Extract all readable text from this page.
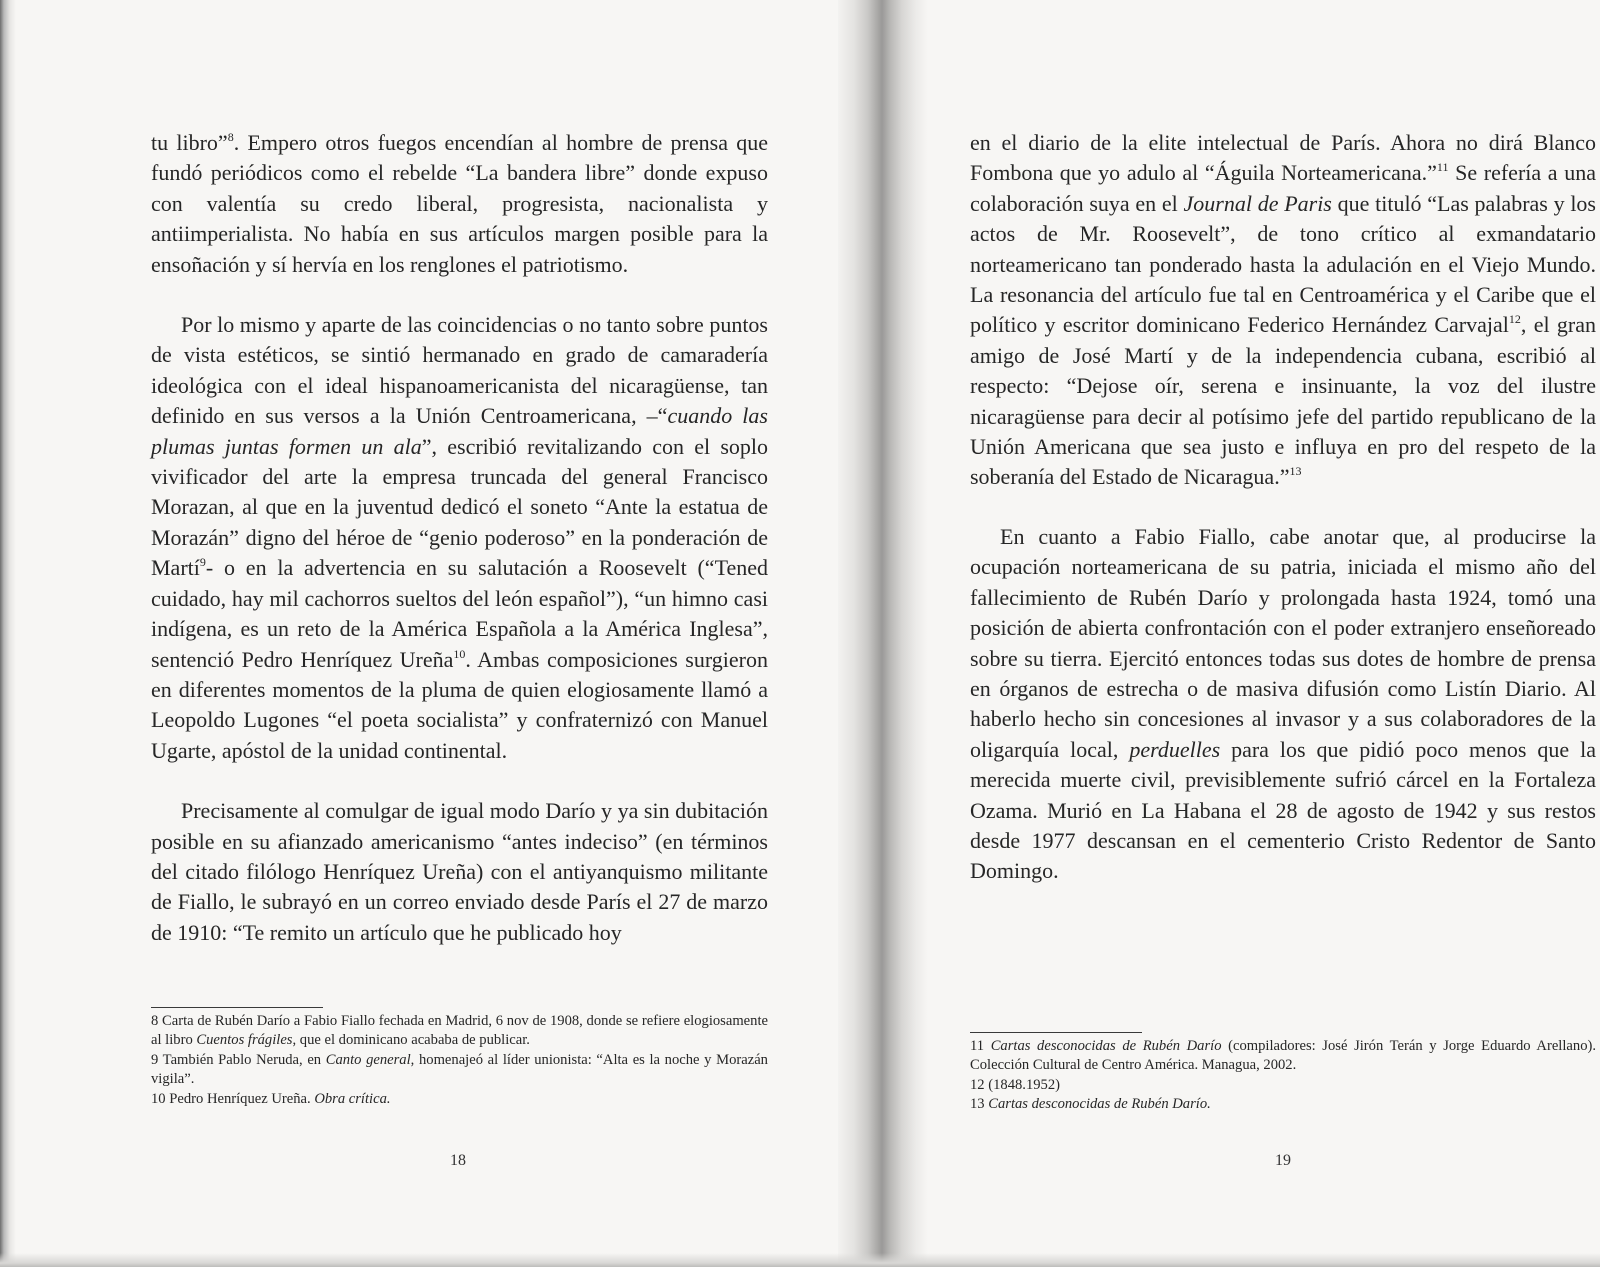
tu libro”$^8$. Empero otros fuegos encendían al hombre de prensa que fundó periódicos como el rebelde “La bandera libre” donde expuso con valentía su credo liberal, progresista, nacionalista y antiimperialista. No había en sus artículos margen posible para la ensoñación y sí hervía en los renglones el patriotismo.

Por lo mismo y aparte de las coincidencias o no tanto sobre puntos de vista estéticos, se sintió hermanado en grado de camaradería ideológica con el ideal hispanoamericanista del nicaragüense, tan definido en sus versos a la Unión Centroamericana, –“cuando las plumas juntas formen un ala”, escribió revitalizando con el soplo vivificador del arte la empresa truncada del general Francisco Morazan, al que en la juventud dedicó el soneto “Ante la estatua de Morazán” digno del héroe de “genio poderoso” en la ponderación de Martí$^9$- o en la advertencia en su salutación a Roosevelt (“Tened cuidado, hay mil cachorros sueltos del león español”), “un himno casi indígena, es un reto de la América Española a la América Inglesa”, sentenció Pedro Henríquez Ureña$^{10}$. Ambas composiciones surgieron en diferentes momentos de la pluma de quien elogiosamente llamó a Leopoldo Lugones “el poeta socialista” y confraternizó con Manuel Ugarte, apóstol de la unidad continental.

Precisamente al comulgar de igual modo Darío y ya sin dubitación posible en su afianzado americanismo “antes indeciso” (en términos del citado filólogo Henríquez Ureña) con el antiyanquismo militante de Fiallo, le subrayó en un correo enviado desde París el 27 de marzo de 1910: “Te remito un artículo que he publicado hoy

8 Carta de Rubén Darío a Fabio Fiallo fechada en Madrid, 6 nov de 1908, donde se refiere elogiosamente al libro Cuentos frágiles, que el dominicano acababa de publicar.

9 También Pablo Neruda, en Canto general, homenajeó al líder unionista: “Alta es la noche y Morazán vigila”.

10 Pedro Henríquez Ureña. Obra crítica.

18

en el diario de la elite intelectual de París. Ahora no dirá Blanco Fombona que yo adulo al “Águila Norteamericana.”$^{11}$ Se refería a una colaboración suya en el Journal de Paris que tituló “Las palabras y los actos de Mr. Roosevelt”, de tono crítico al exmandatario norteamericano tan ponderado hasta la adulación en el Viejo Mundo. La resonancia del artículo fue tal en Centroamérica y el Caribe que el político y escritor dominicano Federico Hernández Carvajal$^{12}$, el gran amigo de José Martí y de la independencia cubana, escribió al respecto: “Dejose oír, serena e insinuante, la voz del ilustre nicaragüense para decir al potísimo jefe del partido republicano de la Unión Americana que sea justo e influya en pro del respeto de la soberanía del Estado de Nicaragua.”$^{13}$

En cuanto a Fabio Fiallo, cabe anotar que, al producirse la ocupación norteamericana de su patria, iniciada el mismo año del fallecimiento de Rubén Darío y prolongada hasta 1924, tomó una posición de abierta confrontación con el poder extranjero enseñoreado sobre su tierra. Ejercitó entonces todas sus dotes de hombre de prensa en órganos de estrecha o de masiva difusión como Listín Diario. Al haberlo hecho sin concesiones al invasor y a sus colaboradores de la oligarquía local, perduelles para los que pidió poco menos que la merecida muerte civil, previsiblemente sufrió cárcel en la Fortaleza Ozama. Murió en La Habana el 28 de agosto de 1942 y sus restos desde 1977 descansan en el cementerio Cristo Redentor de Santo Domingo.

11 Cartas desconocidas de Rubén Darío (compiladores: José Jirón Terán y Jorge Eduardo Arellano). Colección Cultural de Centro América. Managua, 2002.

12 (1848.1952)

13 Cartas desconocidas de Rubén Darío.

19
